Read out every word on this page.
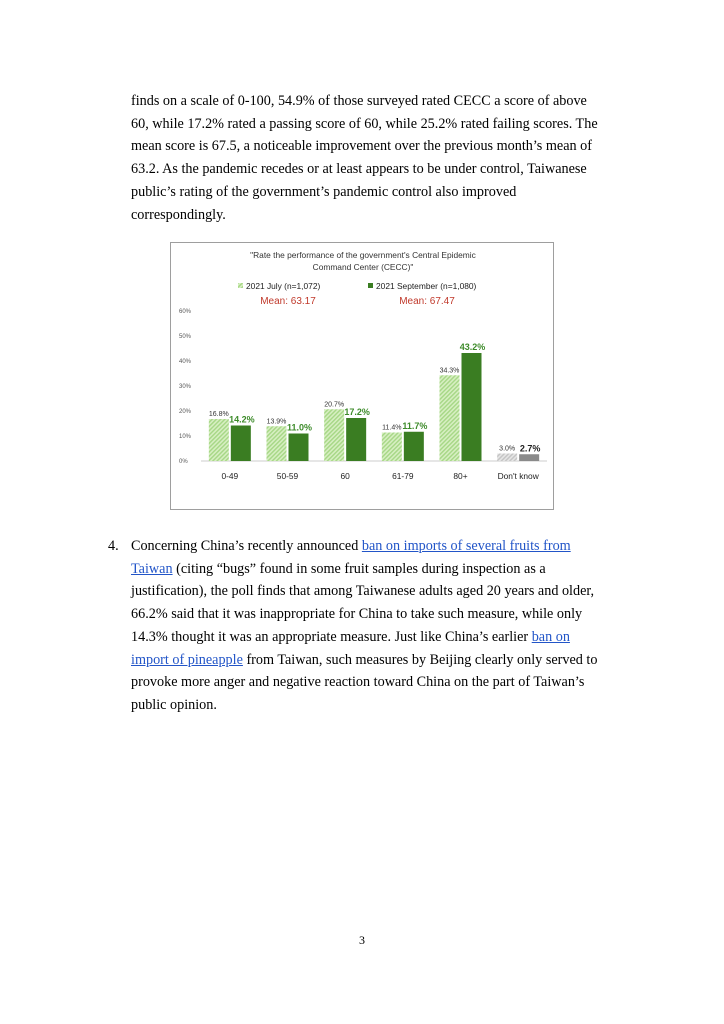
finds on a scale of 0-100, 54.9% of those surveyed rated CECC a score of above
60, while 17.2% rated a passing score of 60, while 25.2% rated failing scores. The
mean score is 67.5, a noticeable improvement over the previous month’s mean of
63.2. As the pandemic recedes or at least appears to be under control, Taiwanese
public’s rating of the government’s pandemic control also improved
correspondingly.

"Rate the performance of the government's Central Epidemic
Command Center (CECC)"
2021 July (n=1,072)
Mean: 63.17
2021 September (n=1,080)
Mean: 67.47
0%
10%
20%
30%
40%
50%
60%
16.8% 14.2%
0-49
13.9%
11.0%
50-59
20.7%
17.2%
60
11.4% 11.7%
61-79
34.3%
43.2%
80+
3.0% 2.7%
Don't know
4. Concerning China’s recently announced ban on imports of several fruits from
Taiwan (citing “bugs” found in some fruit samples during inspection as a
justification), the poll finds that among Taiwanese adults aged 20 years and older,
66.2% said that it was inappropriate for China to take such measure, while only
14.3% thought it was an appropriate measure. Just like China’s earlier ban on
import of pineapple from Taiwan, such measures by Beijing clearly only served to
provoke more anger and negative reaction toward China on the part of Taiwan’s
public opinion.

3
